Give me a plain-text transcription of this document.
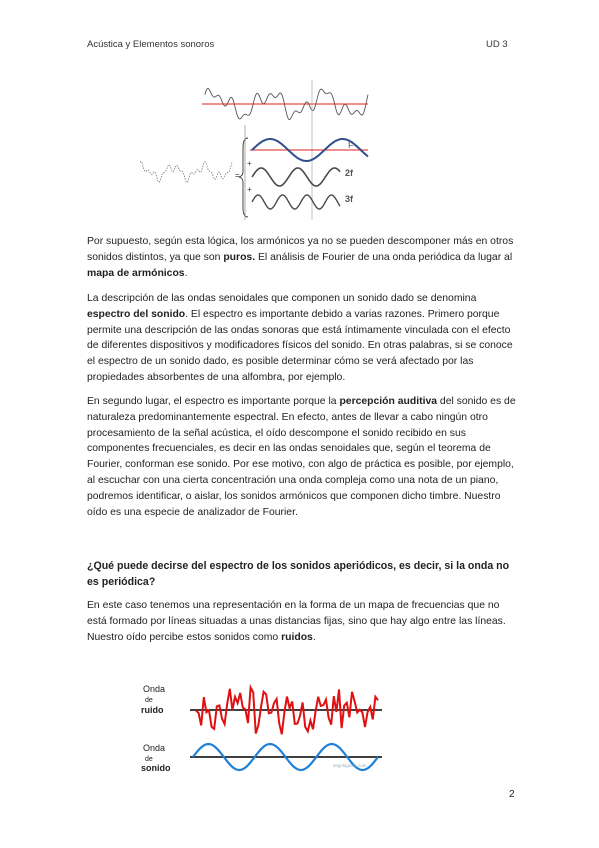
Acústica y Elementos sonoros	UD 3
=
+
+
F
2f
3f

Por supuesto, según esta lógica, los armónicos ya no se pueden descomponer más en otros sonidos distintos, ya que son puros. El análisis de Fourier de una onda periódica da lugar al mapa de armónicos.

La descripción de las ondas senoidales que componen un sonido dado se denomina espectro del sonido. El espectro es importante debido a varias razones. Primero porque permite una descripción de las ondas sonoras que está íntimamente vinculada con el efecto de diferentes dispositivos y modificadores físicos del sonido. En otras palabras, si se conoce el espectro de un sonido dado, es posible determinar cómo se verá afectado por las propiedades absorbentes de una alfombra, por ejemplo.

En segundo lugar, el espectro es importante porque la percepción auditiva del sonido es de naturaleza predominantemente espectral. En efecto, antes de llevar a cabo ningún otro procesamiento de la señal acústica, el oído descompone el sonido recibido en sus componentes frecuenciales, es decir en las ondas senoidales que, según el teorema de Fourier, conforman ese sonido. Por ese motivo, con algo de práctica es posible, por ejemplo, al escuchar con una cierta concentración una onda compleja como una nota de un piano, podremos identificar, o aislar, los sonidos armónicos que componen dicho timbre. Nuestro oído es una especie de analizador de Fourier.

¿Qué puede decirse del espectro de los sonidos aperiódicos, es decir, si la onda no es periódica?

En este caso tenemos una representación en la forma de un mapa de frecuencias que no está formado por líneas situadas a unas distancias fijas, sino que hay algo entre las líneas. Nuestro oído percibe estos sonidos como ruidos.

Onda
de
ruido
Onda
de
sonido	segologicos.com
2
